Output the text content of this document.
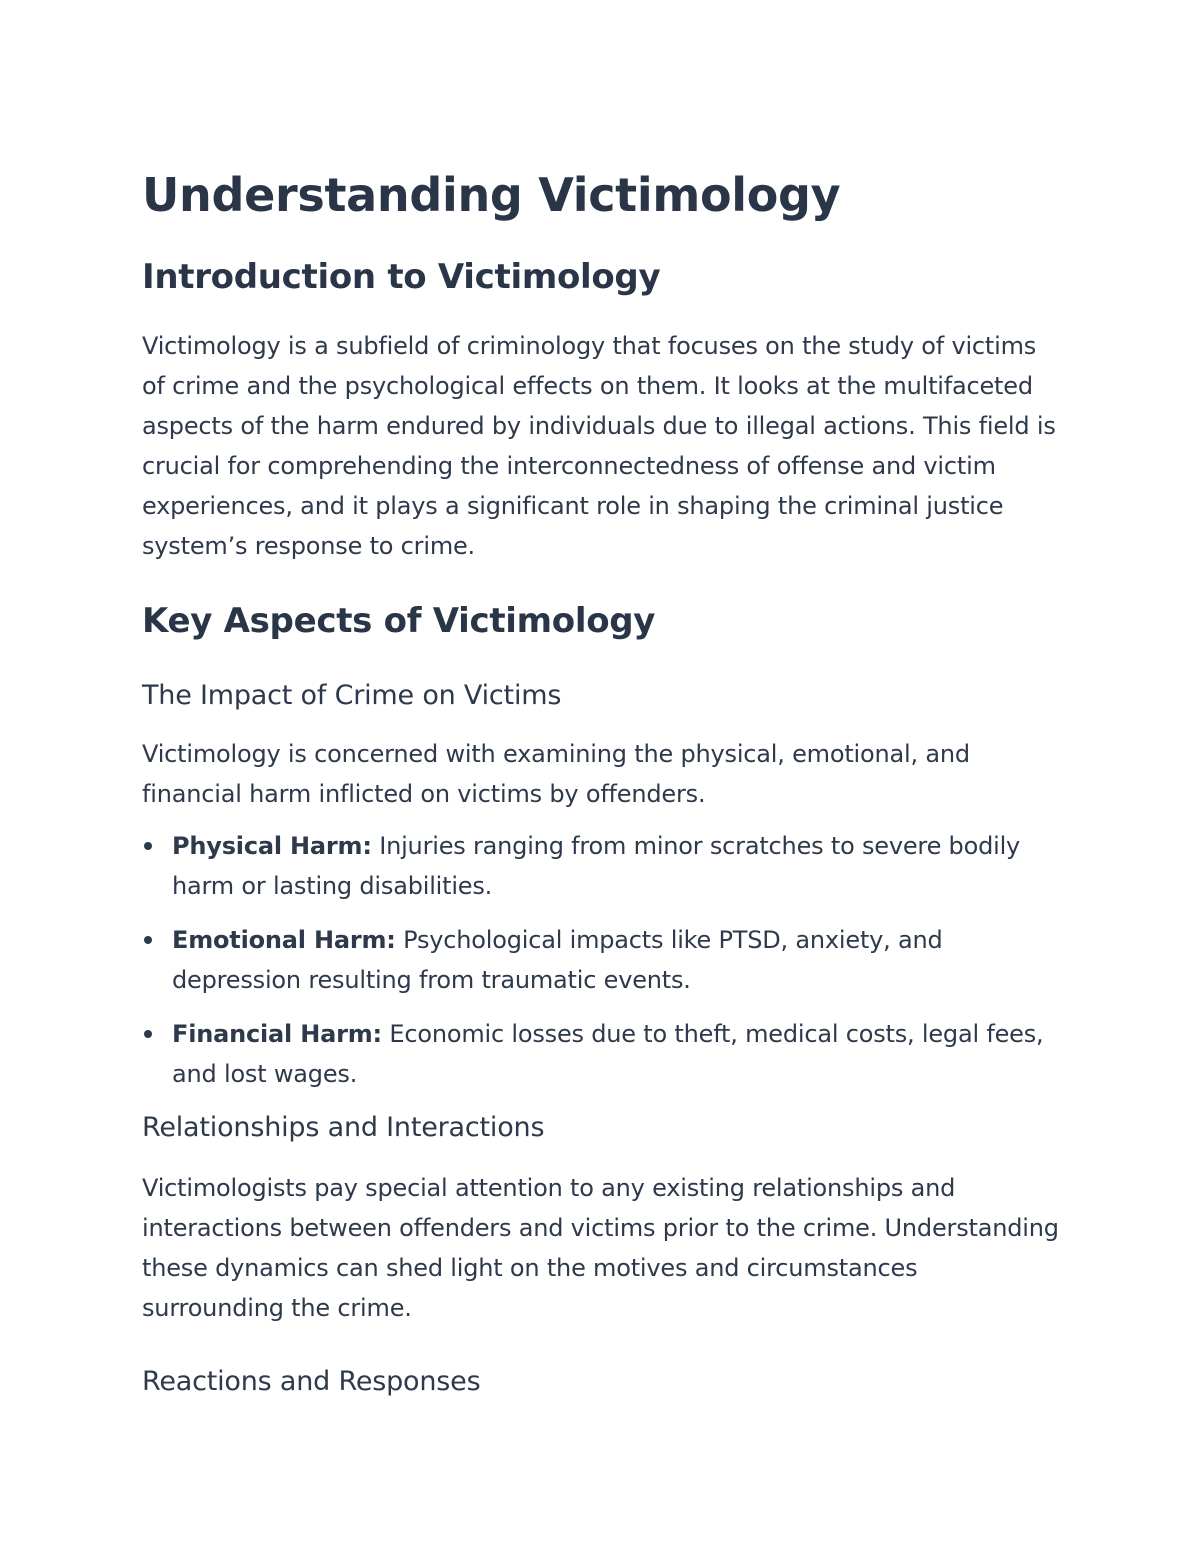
Understanding Victimology
Introduction to Victimology

Victimology is a subfield of criminology that focuses on the study of victims of crime and the psychological effects on them. It looks at the multifaceted aspects of the harm endured by individuals due to illegal actions. This field is crucial for comprehending the interconnectedness of offense and victim experiences, and it plays a significant role in shaping the criminal justice system’s response to crime.

Key Aspects of Victimology
The Impact of Crime on Victims

Victimology is concerned with examining the physical, emotional, and financial harm inflicted on victims by offenders.

Physical Harm: Injuries ranging from minor scratches to severe bodily harm or lasting disabilities.
Emotional Harm: Psychological impacts like PTSD, anxiety, and depression resulting from traumatic events.
Financial Harm: Economic losses due to theft, medical costs, legal fees, and lost wages.
Relationships and Interactions

Victimologists pay special attention to any existing relationships and interactions between offenders and victims prior to the crime. Understanding these dynamics can shed light on the motives and circumstances surrounding the crime.

Reactions and Responses
